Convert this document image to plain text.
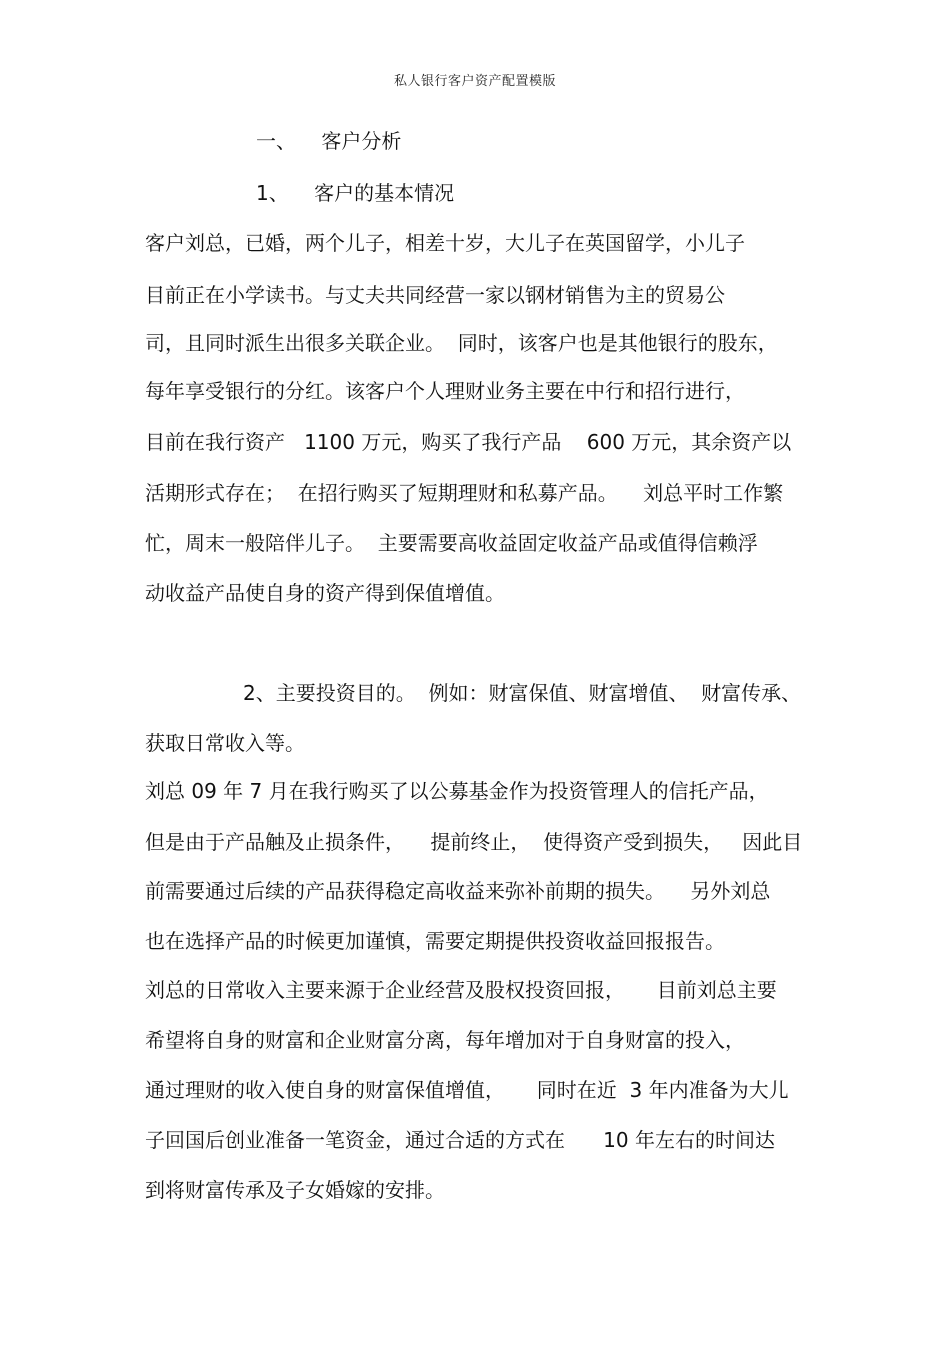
私人银行客户资产配置模版
一、    客户分析
1、    客户的基本情况
客户刘总，已婚，两个儿子，相差十岁，大儿子在英国留学，小儿子
目前正在小学读书。与丈夫共同经营一家以钢材销售为主的贸易公
司，且同时派生出很多关联企业。  同时，该客户也是其他银行的股东，
每年享受银行的分红。该客户个人理财业务主要在中行和招行进行，
目前在我行资产   1100 万元，购买了我行产品    600 万元，其余资产以
活期形式存在；  在招行购买了短期理财和私募产品。    刘总平时工作繁
忙，周末一般陪伴儿子。  主要需要高收益固定收益产品或值得信赖浮
动收益产品使自身的资产得到保值增值。
2、主要投资目的。  例如：财富保值、财富增值、  财富传承、
获取日常收入等。
刘总 09 年 7 月在我行购买了以公募基金作为投资管理人的信托产品，
但是由于产品触及止损条件，    提前终止，  使得资产受到损失，   因此目
前需要通过后续的产品获得稳定高收益来弥补前期的损失。    另外刘总
也在选择产品的时候更加谨慎，需要定期提供投资收益回报报告。
刘总的日常收入主要来源于企业经营及股权投资回报，     目前刘总主要
希望将自身的财富和企业财富分离，每年增加对于自身财富的投入，
通过理财的收入使自身的财富保值增值，     同时在近  3 年内准备为大儿
子回国后创业准备一笔资金，通过合适的方式在      10 年左右的时间达
到将财富传承及子女婚嫁的安排。
